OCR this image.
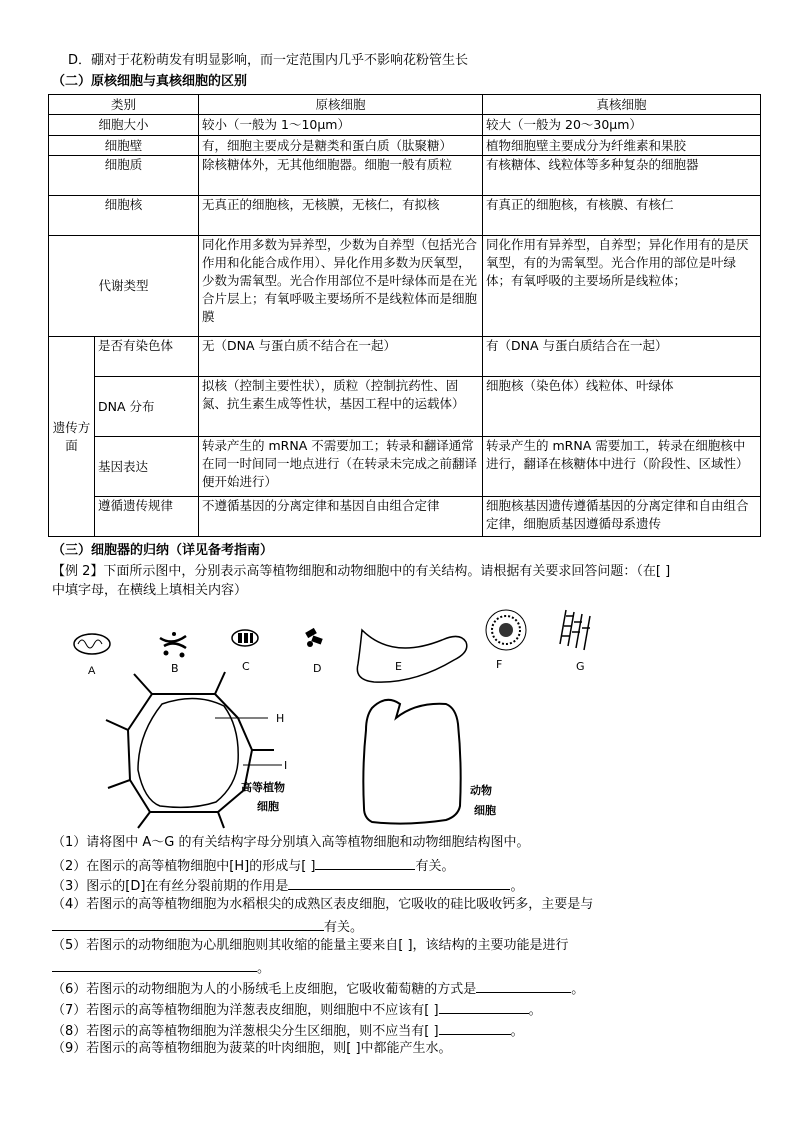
D．硼对于花粉萌发有明显影响，而一定范围内几乎不影响花粉管生长
（二）原核细胞与真核细胞的区别
类别		原核细胞	真核细胞
细胞大小		较小（一般为 1～10μm）	较大（一般为 20～30μm）
细胞壁		有，细胞主要成分是糖类和蛋白质（肽聚糖）	植物细胞壁主要成分为纤维素和果胶
细胞质		除核糖体外，无其他细胞器。细胞一般有质粒	有核糖体、线粒体等多种复杂的细胞器
细胞核		无真正的细胞核，无核膜，无核仁，有拟核	有真正的细胞核，有核膜、有核仁
代谢类型		同化作用多数为异养型，少数为自养型（包括光合作用和化能合成作用）、异化作用多数为厌氧型，少数为需氧型。光合作用部位不是叶绿体而是在光合片层上；有氧呼吸主要场所不是线粒体而是细胞膜	同化作用有异养型，自养型；异化作用有的是厌氧型，有的为需氧型。光合作用的部位是叶绿体；有氧呼吸的主要场所是线粒体；
遗传方面	是否有染色体	无（DNA 与蛋白质不结合在一起）	有（DNA 与蛋白质结合在一起）
	DNA 分布	拟核（控制主要性状），质粒（控制抗药性、固氮、抗生素生成等性状，基因工程中的运载体）	细胞核（染色体）线粒体、叶绿体
	基因表达	转录产生的 mRNA 不需要加工；转录和翻译通常在同一时间同一地点进行（在转录未完成之前翻译便开始进行）	转录产生的 mRNA 需要加工，转录在细胞核中进行，翻译在核糖体中进行（阶段性、区域性）
	遵循遗传规律	不遵循基因的分离定律和基因自由组合定律	细胞核基因遗传遵循基因的分离定律和自由组合定律，细胞质基因遵循母系遗传
（三）细胞器的归纳（详见备考指南）
【例 2】下面所示图中，分别表示高等植物细胞和动物细胞中的有关结构。请根据有关要求回答问题：（在[ ]
中填字母，在横线上填相关内容）
A	B	C	D	E	F	G
H
I
高等植物
细胞
动物
细胞
（1）请将图中 A～G 的有关结构字母分别填入高等植物细胞和动物细胞结构图中。
（2）在图示的高等植物细胞中[H]的形成与[ ]	有关。
（3）图示的[D]在有丝分裂前期的作用是	。
（4）若图示的高等植物细胞为水稻根尖的成熟区表皮细胞，它吸收的硅比吸收钙多，主要是与
有关。
（5）若图示的动物细胞为心肌细胞则其收缩的能量主要来自[ ]，该结构的主要功能是进行
。
（6）若图示的动物细胞为人的小肠绒毛上皮细胞，它吸收葡萄糖的方式是	。
（7）若图示的高等植物细胞为洋葱表皮细胞，则细胞中不应该有[ ]	。
（8）若图示的高等植物细胞为洋葱根尖分生区细胞，则不应当有[ ]	。
（9）若图示的高等植物细胞为菠菜的叶肉细胞，则[ ]中都能产生水。
